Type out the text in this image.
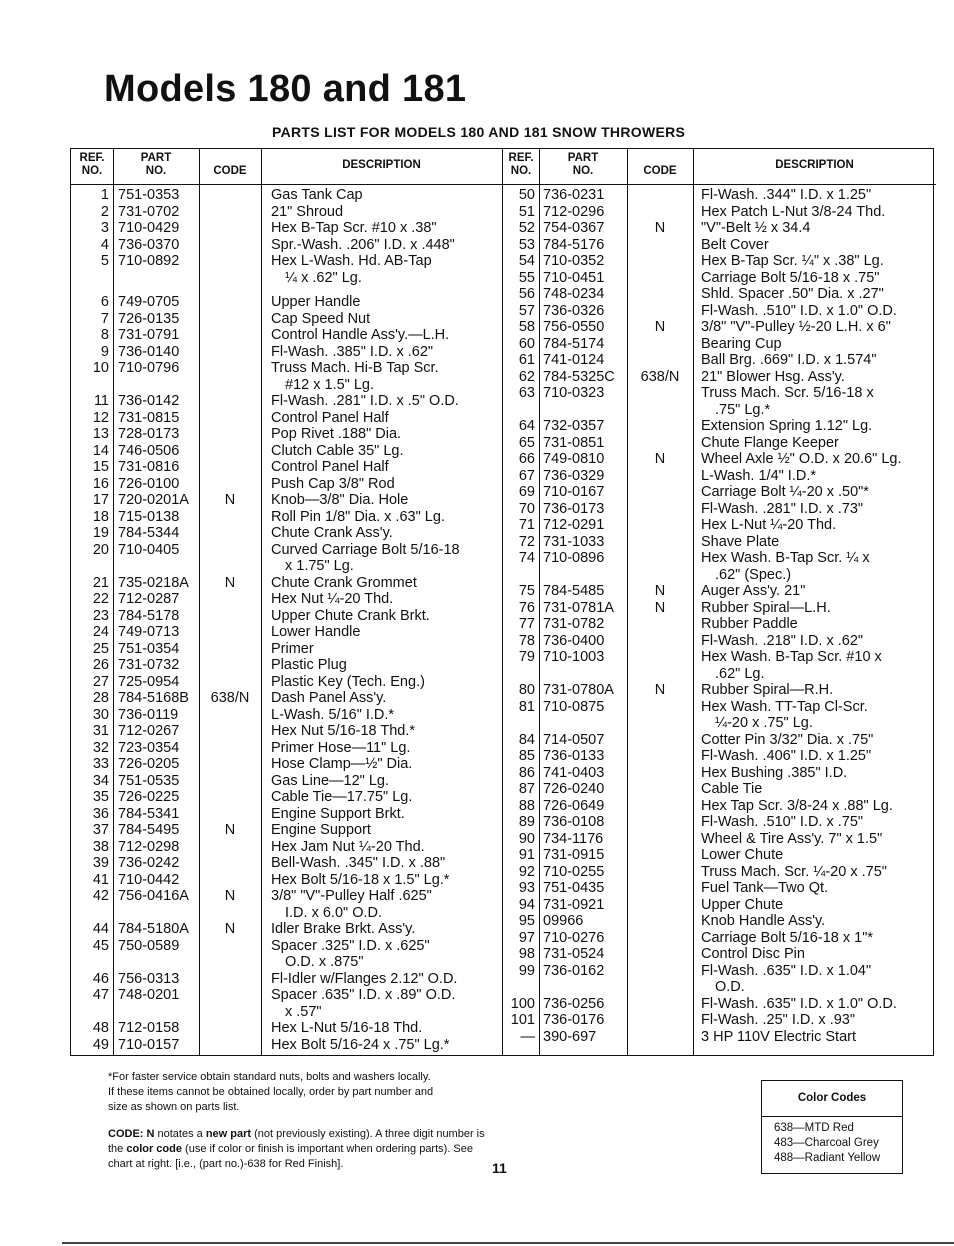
Models 180 and 181
PARTS LIST FOR MODELS 180 AND 181 SNOW THROWERS
REF.
NO.
PART
NO.	CODE	DESCRIPTION
1 751-0353	Gas Tank Cap
2 731-0702	21" Shroud
3 710-0429	Hex B-Tap Scr. #10 x .38"
4 736-0370	Spr.-Wash. .206" I.D. x .448"
5 710-0892	Hex L-Wash. Hd. AB-Tap
¼ x .62" Lg.
6 749-0705	Upper Handle
7 726-0135	Cap Speed Nut
8 731-0791	Control Handle Ass'y.—L.H.
9 736-0140	Fl-Wash. .385" I.D. x .62"
10 710-0796	Truss Mach. Hi-B Tap Scr.
#12 x 1.5" Lg.
11 736-0142	Fl-Wash. .281" I.D. x .5" O.D.
12 731-0815	Control Panel Half
13 728-0173	Pop Rivet .188" Dia.
14 746-0506	Clutch Cable 35" Lg.
15 731-0816	Control Panel Half
16 726-0100	Push Cap 3/8" Rod
17 720-0201A	N	Knob—3/8" Dia. Hole
18 715-0138	Roll Pin 1/8" Dia. x .63" Lg.
19 784-5344	Chute Crank Ass'y.
20 710-0405	Curved Carriage Bolt 5/16-18
x 1.75" Lg.
21 735-0218A	N	Chute Crank Grommet
22 712-0287	Hex Nut ¼-20 Thd.
23 784-5178	Upper Chute Crank Brkt.
24 749-0713	Lower Handle
25 751-0354	Primer
26 731-0732	Plastic Plug
27 725-0954	Plastic Key (Tech. Eng.)
28 784-5168B	638/N	Dash Panel Ass'y.
30 736-0119	L-Wash. 5/16" I.D.*
31 712-0267	Hex Nut 5/16-18 Thd.*
32 723-0354	Primer Hose—11" Lg.
33 726-0205	Hose Clamp—½" Dia.
34 751-0535	Gas Line—12" Lg.
35 726-0225	Cable Tie—17.75" Lg.
36 784-5341	Engine Support Brkt.
37 784-5495	N	Engine Support
38 712-0298	Hex Jam Nut ¼-20 Thd.
39 736-0242	Bell-Wash. .345" I.D. x .88"
41 710-0442	Hex Bolt 5/16-18 x 1.5" Lg.*
42 756-0416A	N	3/8" "V"-Pulley Half .625"
I.D. x 6.0" O.D.
44 784-5180A	N	Idler Brake Brkt. Ass'y.
45 750-0589	Spacer .325" I.D. x .625"
O.D. x .875"
46 756-0313	Fl-Idler w/Flanges 2.12" O.D.
47 748-0201	Spacer .635" I.D. x .89" O.D.
x .57"
48 712-0158	Hex L-Nut 5/16-18 Thd.
49 710-0157	Hex Bolt 5/16-24 x .75" Lg.*
REF.
NO.
PART
NO.	CODE	DESCRIPTION
50 736-0231	Fl-Wash. .344" I.D. x 1.25"
51 712-0296	Hex Patch L-Nut 3/8-24 Thd.
52 754-0367	N	"V"-Belt ½ x 34.4
53 784-5176	Belt Cover
54 710-0352	Hex B-Tap Scr. ¼" x .38" Lg.
55 710-0451	Carriage Bolt 5/16-18 x .75"
56 748-0234	Shld. Spacer .50" Dia. x .27"
57 736-0326	Fl-Wash. .510" I.D. x 1.0" O.D.
58 756-0550	N	3/8" "V"-Pulley ½-20 L.H. x 6"
60 784-5174	Bearing Cup
61 741-0124	Ball Brg. .669" I.D. x 1.574"
62 784-5325C	638/N	21" Blower Hsg. Ass'y.
63 710-0323	Truss Mach. Scr. 5/16-18 x
.75" Lg.*
64 732-0357	Extension Spring 1.12" Lg.
65 731-0851	Chute Flange Keeper
66 749-0810	N	Wheel Axle ½" O.D. x 20.6" Lg.
67 736-0329	L-Wash. 1/4" I.D.*
69 710-0167	Carriage Bolt ¼-20 x .50"*
70 736-0173	Fl-Wash. .281" I.D. x .73"
71 712-0291	Hex L-Nut ¼-20 Thd.
72 731-1033	Shave Plate
74 710-0896	Hex Wash. B-Tap Scr. ¼ x
.62" (Spec.)
75 784-5485	N	Auger Ass'y. 21"
76 731-0781A	N	Rubber Spiral—L.H.
77 731-0782	Rubber Paddle
78 736-0400	Fl-Wash. .218" I.D. x .62"
79 710-1003	Hex Wash. B-Tap Scr. #10 x
.62" Lg.
80 731-0780A	N	Rubber Spiral—R.H.
81 710-0875	Hex Wash. TT-Tap Cl-Scr.
¼-20 x .75" Lg.
84 714-0507	Cotter Pin 3/32" Dia. x .75"
85 736-0133	Fl-Wash. .406" I.D. x 1.25"
86 741-0403	Hex Bushing .385" I.D.
87 726-0240	Cable Tie
88 726-0649	Hex Tap Scr. 3/8-24 x .88" Lg.
89 736-0108	Fl-Wash. .510" I.D. x .75"
90 734-1176	Wheel & Tire Ass'y. 7" x 1.5"
91 731-0915	Lower Chute
92 710-0255	Truss Mach. Scr. ¼-20 x .75"
93 751-0435	Fuel Tank—Two Qt.
94 731-0921	Upper Chute
95 09966	Knob Handle Ass'y.
97 710-0276	Carriage Bolt 5/16-18 x 1"*
98 731-0524	Control Disc Pin
99 736-0162	Fl-Wash. .635" I.D. x 1.04"
O.D.
100 736-0256	Fl-Wash. .635" I.D. x 1.0" O.D.
101 736-0176	Fl-Wash. .25" I.D. x .93"
— 390-697	3 HP 110V Electric Start

*For faster service obtain standard nuts, bolts and washers locally.
If these items cannot be obtained locally, order by part number and
size as shown on parts list.

CODE: N notates a new part (not previously existing). A three digit number is the color code (use if color or finish is important when ordering parts). See chart at right. [i.e., (part no.)-638 for Red Finish].	11
Color Codes
638—MTD Red
483—Charcoal Grey
488—Radiant Yellow
